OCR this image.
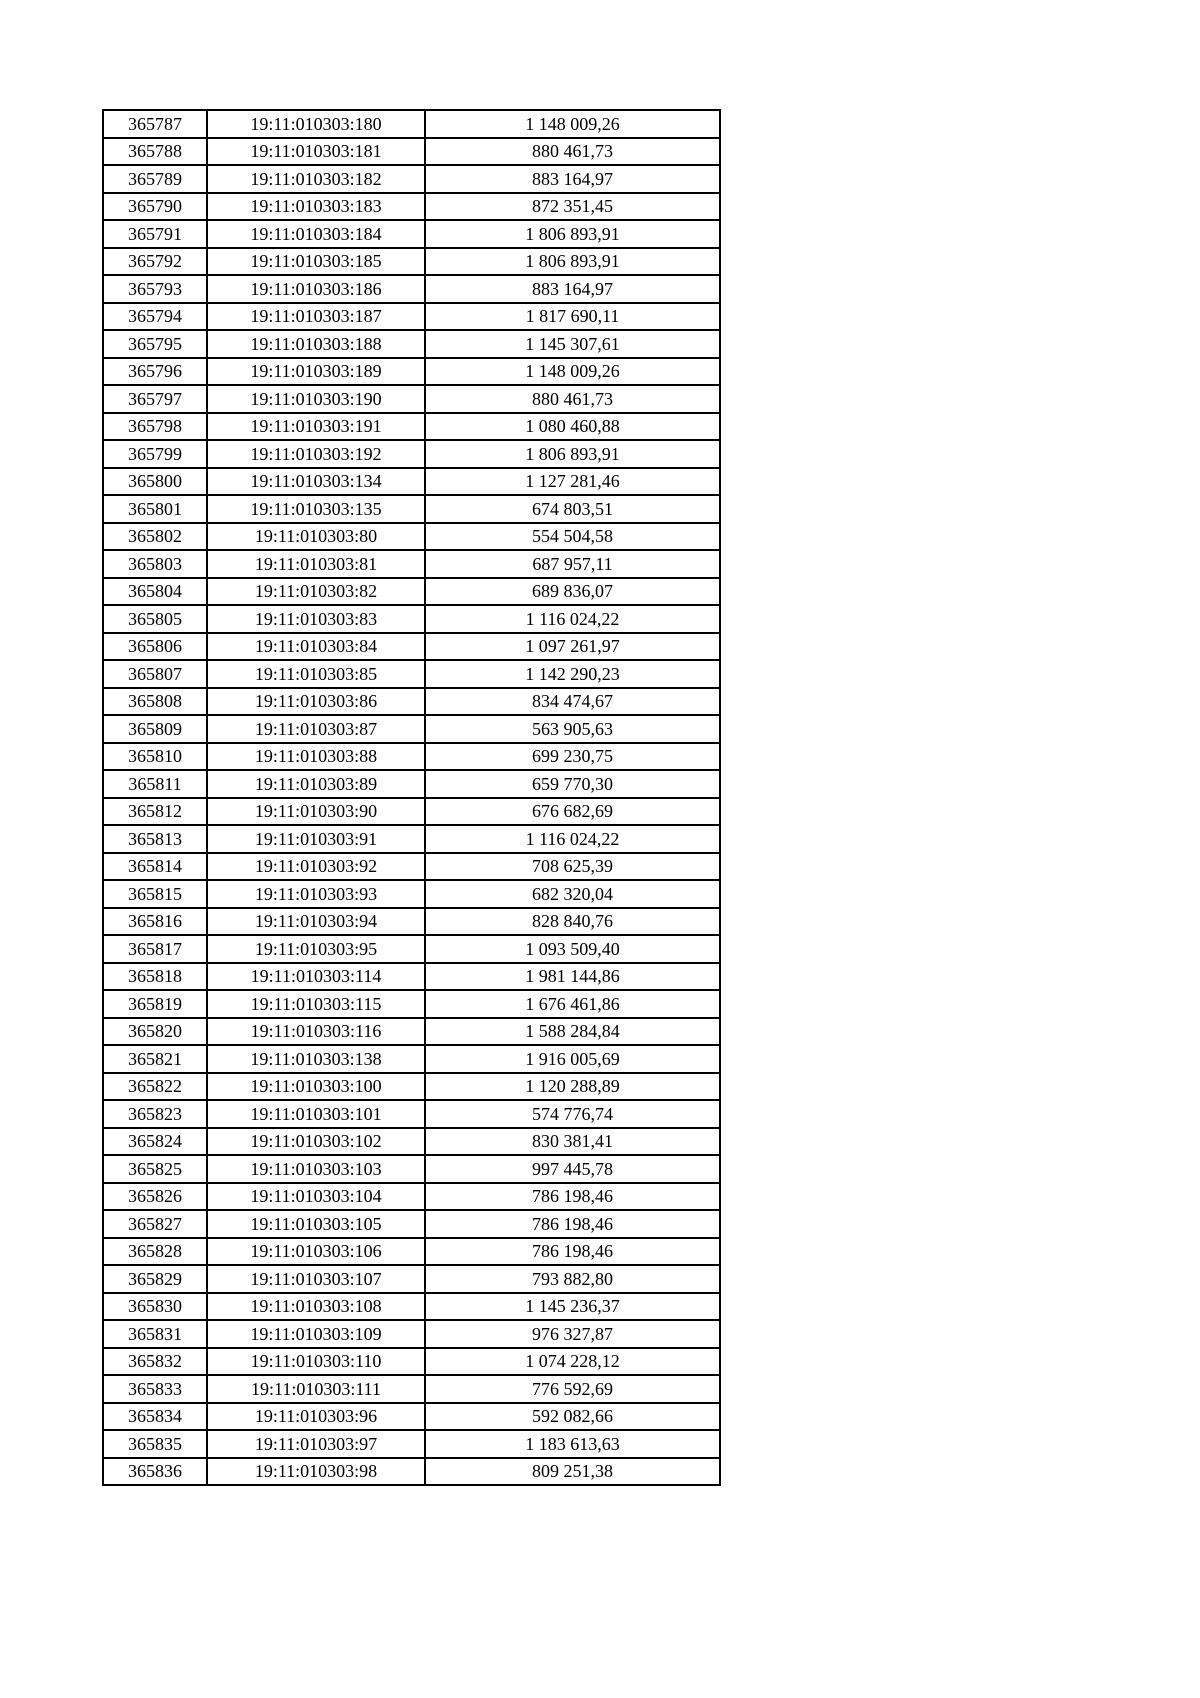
365787	19:11:010303:180	1 148 009,26
365788	19:11:010303:181	880 461,73
365789	19:11:010303:182	883 164,97
365790	19:11:010303:183	872 351,45
365791	19:11:010303:184	1 806 893,91
365792	19:11:010303:185	1 806 893,91
365793	19:11:010303:186	883 164,97
365794	19:11:010303:187	1 817 690,11
365795	19:11:010303:188	1 145 307,61
365796	19:11:010303:189	1 148 009,26
365797	19:11:010303:190	880 461,73
365798	19:11:010303:191	1 080 460,88
365799	19:11:010303:192	1 806 893,91
365800	19:11:010303:134	1 127 281,46
365801	19:11:010303:135	674 803,51
365802	19:11:010303:80	554 504,58
365803	19:11:010303:81	687 957,11
365804	19:11:010303:82	689 836,07
365805	19:11:010303:83	1 116 024,22
365806	19:11:010303:84	1 097 261,97
365807	19:11:010303:85	1 142 290,23
365808	19:11:010303:86	834 474,67
365809	19:11:010303:87	563 905,63
365810	19:11:010303:88	699 230,75
365811	19:11:010303:89	659 770,30
365812	19:11:010303:90	676 682,69
365813	19:11:010303:91	1 116 024,22
365814	19:11:010303:92	708 625,39
365815	19:11:010303:93	682 320,04
365816	19:11:010303:94	828 840,76
365817	19:11:010303:95	1 093 509,40
365818	19:11:010303:114	1 981 144,86
365819	19:11:010303:115	1 676 461,86
365820	19:11:010303:116	1 588 284,84
365821	19:11:010303:138	1 916 005,69
365822	19:11:010303:100	1 120 288,89
365823	19:11:010303:101	574 776,74
365824	19:11:010303:102	830 381,41
365825	19:11:010303:103	997 445,78
365826	19:11:010303:104	786 198,46
365827	19:11:010303:105	786 198,46
365828	19:11:010303:106	786 198,46
365829	19:11:010303:107	793 882,80
365830	19:11:010303:108	1 145 236,37
365831	19:11:010303:109	976 327,87
365832	19:11:010303:110	1 074 228,12
365833	19:11:010303:111	776 592,69
365834	19:11:010303:96	592 082,66
365835	19:11:010303:97	1 183 613,63
365836	19:11:010303:98	809 251,38
